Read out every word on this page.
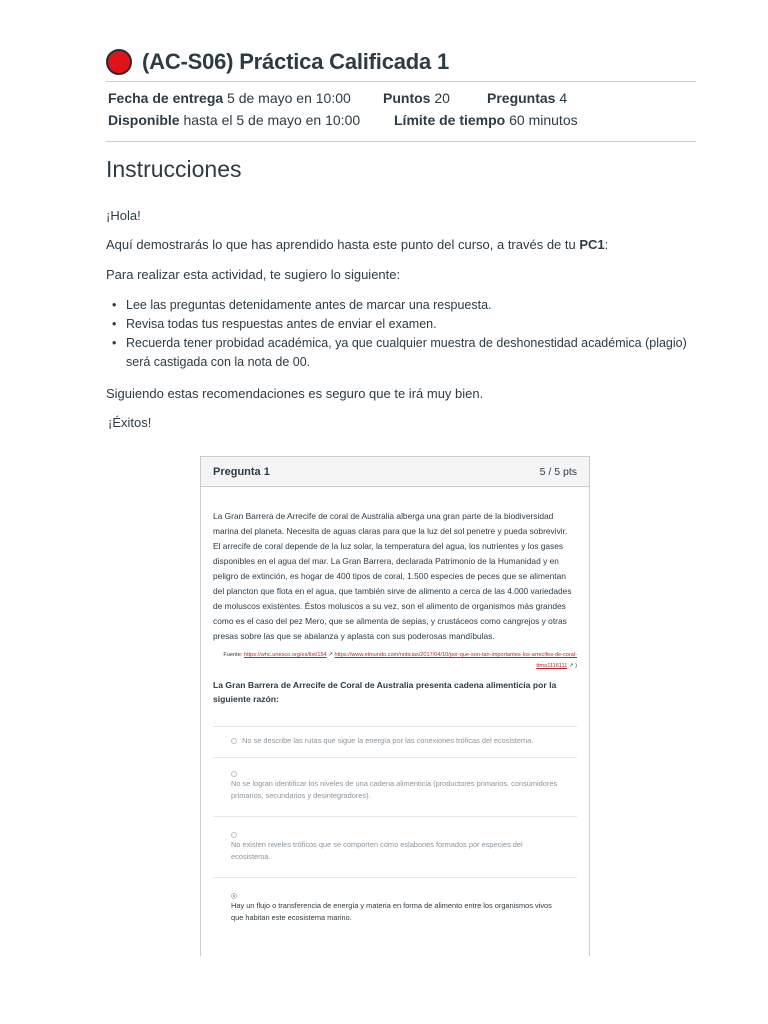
(AC-S06) Práctica Calificada 1
Fecha de entrega 5 de mayo en 10:00 Puntos 20	Preguntas 4
Disponible hasta el 5 de mayo en 10:00 Límite de tiempo 60 minutos
Instrucciones
¡Hola!
Aquí demostrarás lo que has aprendido hasta este punto del curso, a través de tu PC1:
Para realizar esta actividad, te sugiero lo siguiente:
• Lee las preguntas detenidamente antes de marcar una respuesta.
• Revisa todas tus respuestas antes de enviar el examen.
• Recuerda tener probidad académica, ya que cualquier muestra de deshonestidad académica (plagio) será castigada con la nota de 00.
Siguiendo estas recomendaciones es seguro que te irá muy bien.
¡Éxitos!
Pregunta 1	5 / 5 pts
La Gran Barrera de Arrecife de coral de Australia alberga una gran parte de la biodiversidad marina del planeta. Necesita de aguas claras para que la luz del sol penetre y pueda sobrevivir. El arrecife de coral depende de la luz solar, la temperatura del agua, los nutrientes y los gases disponibles en el agua del mar. La Gran Barrera, declarada Patrimonio de la Humanidad y en peligro de extinción, es hogar de 400 tipos de coral, 1.500 especies de peces que se alimentan del plancton que flota en el agua, que también sirve de alimento a cerca de las 4.000 variedades de moluscos existentes. Éstos moluscos a su vez, son el alimento de organismos más grandes como es el caso del pez Mero, que se alimenta de sepias, y crustáceos como cangrejos y otras presas sobre las que se abalanza y aplasta con sus poderosas mandíbulas.
Fuente: https://whc.unesco.org/es/list/154 ↗ https://www.elmundo.com/noticias/2017/04/10/por-que-son-tan-importantes-los-arrecifes-de-coral-ttmo1116111 ↗ )
La Gran Barrera de Arrecife de Coral de Australia presenta cadena alimenticia por la siguiente razón:
No se describe las rutas que sigue la energía por las conexiones tróficas del ecosistema.
No se logran identificar los niveles de una cadena alimenticia (productores primarios, consumidores primarios, secundarios y desintegradores).
No existen niveles tróficos que se comporten como eslabones formados por especies del ecosistema.
Hay un flujo o transferencia de energía y materia en forma de alimento entre los organismos vivos que habitan este ecosistema marino.
